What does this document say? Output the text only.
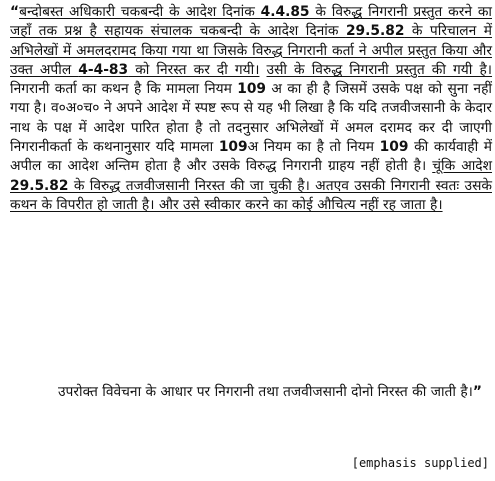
“बन्दोबस्त अधिकारी चकबन्दी के आदेश दिनांक 4.4.85 के विरुद्ध निगरानी प्रस्तुत करने का जहाँ तक प्रश्न है सहायक संचालक चकबन्दी के आदेश दिनांक 29.5.82 के परिचालन में अभिलेखों में अमलदरामद किया गया था जिसके विरुद्ध निगरानी कर्ता ने अपील प्रस्तुत किया और उक्त अपील 4-4-83 को निरस्त कर दी गयी। उसी के विरुद्ध निगरानी प्रस्तुत की गयी है। निगरानी कर्ता का कथन है कि मामला नियम 109 अ का ही है जिसमें उसके पक्ष को सुना नहीं गया है। व०अ०च० ने अपने आदेश में स्पष्ट रूप से यह भी लिखा है कि यदि तजवीजसानी के केदार नाथ के पक्ष में आदेश पारित होता है तो तदनुसार अभिलेखों में अमल दरामद कर दी जाएगी निगरानीकर्ता के कथनानुसार यदि मामला 109अ नियम का है तो नियम 109 की कार्यवाही में अपील का आदेश अन्तिम होता है और उसके विरुद्ध निगरानी ग्राहय नहीं होती है। चूंकि आदेश 29.5.82 के विरुद्ध तजवीजसानी निरस्त की जा चुकी है। अतएव उसकी निगरानी स्वतः उसके कथन के विपरीत हो जाती है। और उसे स्वीकार करने का कोई औचित्य नहीं रह जाता है।

उपरोक्त विवेचना के आधार पर निगरानी तथा तजवीजसानी दोनो निरस्त की जाती है।”

[emphasis supplied]
